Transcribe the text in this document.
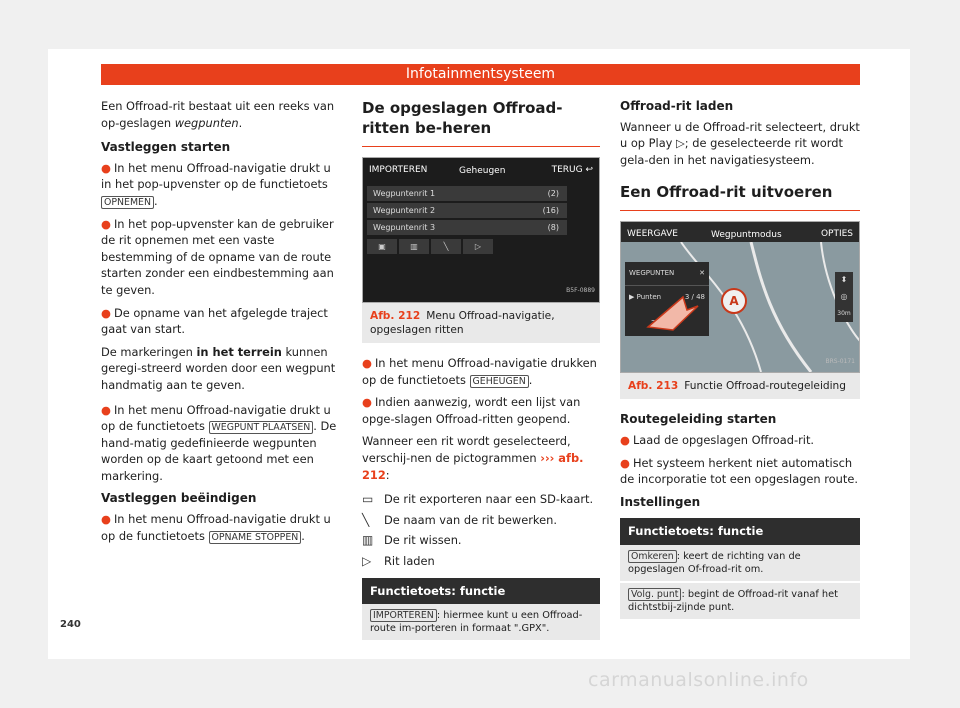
Infotainmentsysteem

Een Offroad-rit bestaat uit een reeks van op-geslagen wegpunten.

Vastleggen starten

● In het menu Offroad-navigatie drukt u in het pop-upvenster op de functietoets OPNEMEN .

● In het pop-upvenster kan de gebruiker de rit opnemen met een vaste bestemming of de opname van de route starten zonder een eindbestemming aan te geven.

● De opname van het afgelegde traject gaat van start.

De markeringen in het terrein kunnen geregi-streerd worden door een wegpunt handmatig aan te geven.

● In het menu Offroad-navigatie drukt u op de functietoets WEGPUNT PLAATSEN . De hand-matig gedefinieerde wegpunten worden op de kaart getoond met een markering.

Vastleggen beëindigen

● In het menu Offroad-navigatie drukt u op de functietoets OPNAME STOPPEN .

De opgeslagen Offroad-ritten be-heren
IMPORTEREN	Geheugen	TERUG ↩
Wegpuntenrit 1	(2)
Wegpuntenrit 2	(16)
Wegpuntenrit 3	(8)
▣	▥	╲	▷
B5F-0889
Afb. 212 Menu Offroad-navigatie, opgeslagen ritten

● In het menu Offroad-navigatie drukken op de functietoets GEHEUGEN .

● Indien aanwezig, wordt een lijst van opge-slagen Offroad-ritten geopend.

Wanneer een rit wordt geselecteerd, verschij-nen de pictogrammen ››› afb. 212:

▭ De rit exporteren naar een SD-kaart.
╲	De naam van de rit bewerken.
▥ De rit wissen.
▷	Rit laden
Functietoets: functie
IMPORTEREN : hiermee kunt u een Offroad-route im-porteren in formaat ".GPX".

Offroad-rit laden

Wanneer u de Offroad-rit selecteert, drukt u op Play ▷; de geselecteerde rit wordt gela-den in het navigatiesysteem.

Een Offroad-rit uitvoeren
WEERGAVE	Wegpuntmodus	OPTIES
WEGPUNTEN	✕
▶ Punten	3 / 48	A
⬍
◎
30m
BRS-0171
Afb. 213 Functie Offroad-routegeleiding

Routegeleiding starten

● Laad de opgeslagen Offroad-rit.

● Het systeem herkent niet automatisch de incorporatie tot een opgeslagen route.

Instellingen

Functietoets: functie
Omkeren : keert de richting van de opgeslagen Of-froad-rit om.
Volg. punt : begint de Offroad-rit vanaf het dichtstbij-zijnde punt.
240
carmanualsonline.info
